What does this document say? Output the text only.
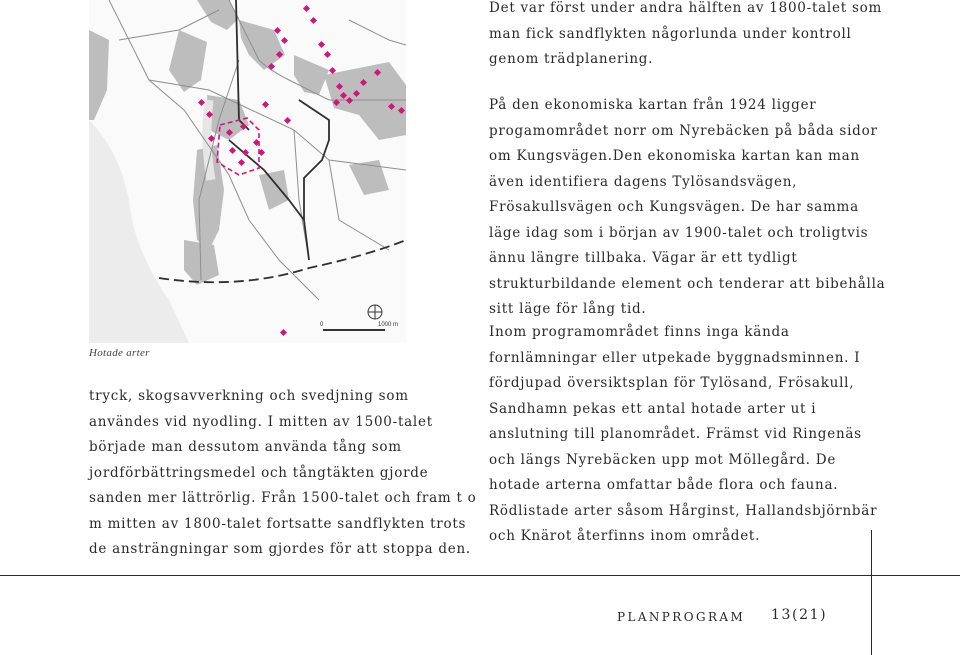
0	1000 m
Hotade arter

Det var först under andra hälften av 1800-talet som man fick sandflykten någorlunda under kontroll genom trädplanering.

På den ekonomiska kartan från 1924 ligger progamområdet norr om Nyrebäcken på båda sidor om Kungsvägen.Den ekonomiska kartan kan man även identifiera dagens Tylösandsvägen, Frösakullsvägen och Kungsvägen. De har samma läge idag som i början av 1900-talet och troligtvis ännu längre tillbaka. Vägar är ett tydligt strukturbildande element och tenderar att bibehålla sitt läge för lång tid.

Inom programområdet finns inga kända fornlämningar eller utpekade byggnadsminnen. I fördjupad översiktsplan för Tylösand, Frösakull, Sandhamn pekas ett antal hotade arter ut i anslutning till planområdet. Främst vid Ringenäs och längs Nyrebäcken upp mot Möllegård. De hotade arterna omfattar både flora och fauna. Rödlistade arter såsom Hårginst, Hallandsbjörnbär och Knärot återfinns inom området.

tryck, skogsavverkning och svedjning som användes vid nyodling. I mitten av 1500-talet började man dessutom använda tång som jordförbättringsmedel och tångtäkten gjorde sanden mer lättrörlig. Från 1500-talet och fram t o m mitten av 1800-talet fortsatte sandflykten trots de ansträngningar som gjordes för att stoppa den.

PLANPROGRAM 13(21)
